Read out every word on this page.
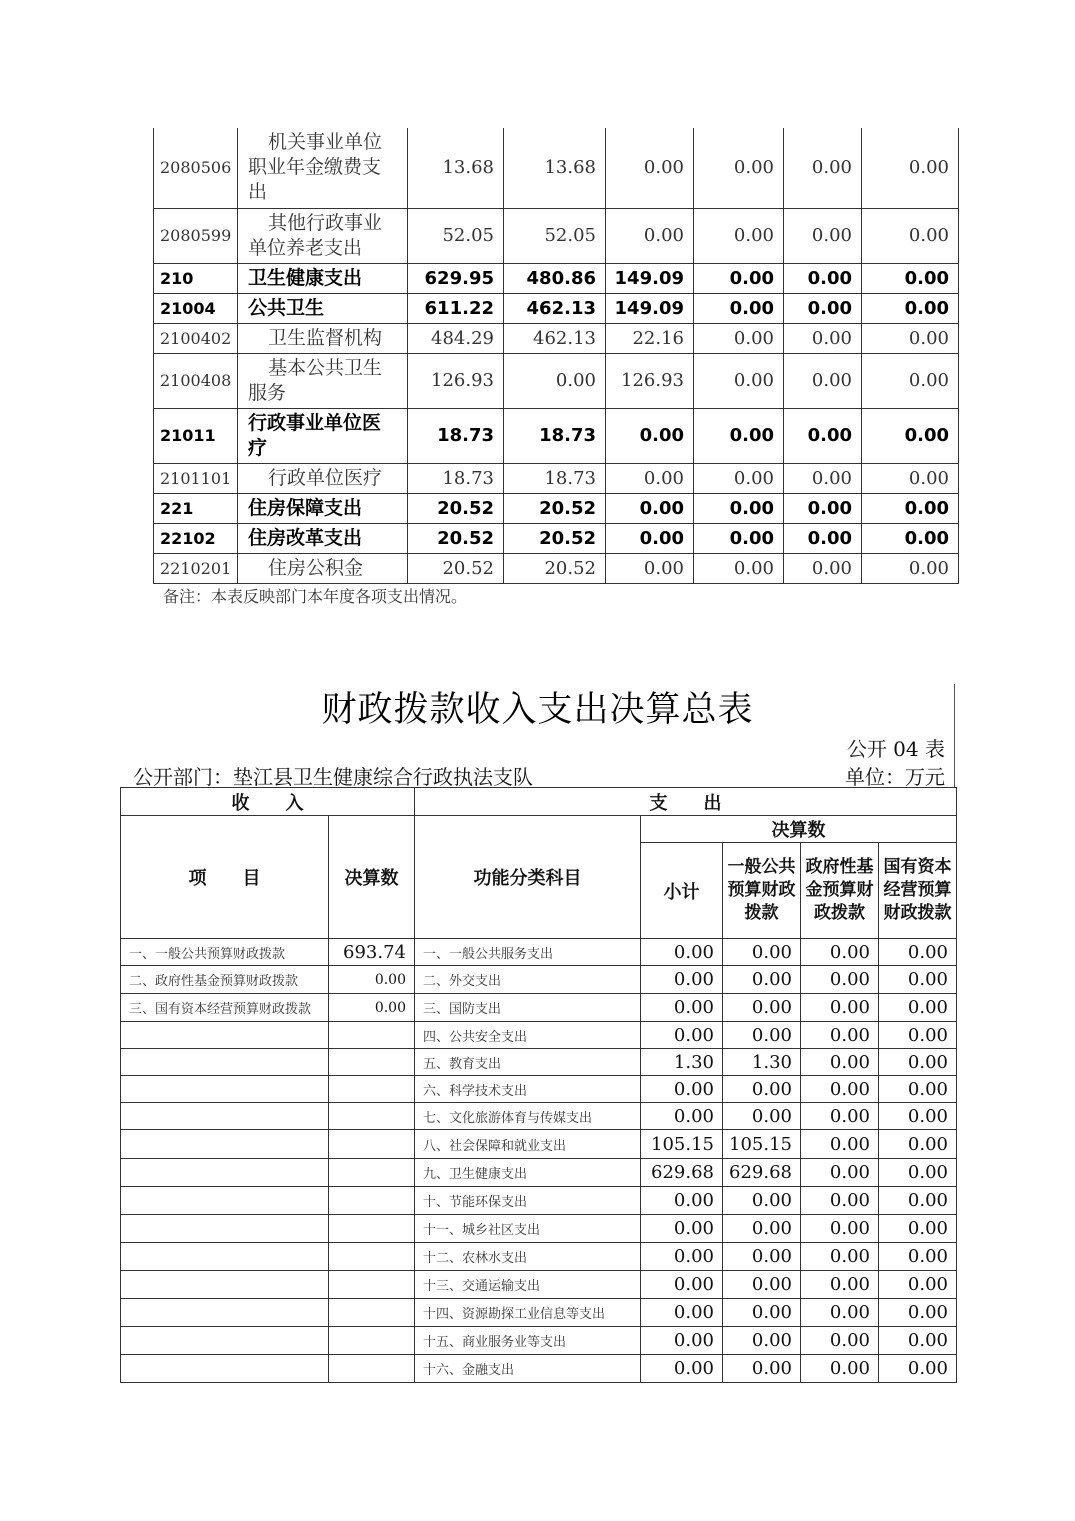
2080506	机关事业单位职业年金缴费支出	13.68	13.68	0.00	0.00	0.00	0.00
2080599	其他行政事业单位养老支出	52.05	52.05	0.00	0.00	0.00	0.00
210	卫生健康支出	629.95	480.86	149.09	0.00	0.00	0.00
21004	公共卫生	611.22	462.13	149.09	0.00	0.00	0.00
2100402	卫生监督机构	484.29	462.13	22.16	0.00	0.00	0.00
2100408	基本公共卫生服务	126.93	0.00	126.93	0.00	0.00	0.00
21011	行政事业单位医疗	18.73	18.73	0.00	0.00	0.00	0.00
2101101	行政单位医疗	18.73	18.73	0.00	0.00	0.00	0.00
221	住房保障支出	20.52	20.52	0.00	0.00	0.00	0.00
22102	住房改革支出	20.52	20.52	0.00	0.00	0.00	0.00
2210201	住房公积金	20.52	20.52	0.00	0.00	0.00	0.00
备注：本表反映部门本年度各项支出情况。
财政拨款收入支出决算总表
公开 04 表
公开部门：垫江县卫生健康综合行政执法支队	单位：万元
收　　入		支　　出				
项　　目	决算数	功能分类科目	决算数			
			小计	一般公共预算财政拨款	政府性基金预算财政拨款	国有资本经营预算财政拨款
一、一般公共预算财政拨款	693.74	一、一般公共服务支出	0.00	0.00	0.00	0.00
二、政府性基金预算财政拨款	0.00	二、外交支出	0.00	0.00	0.00	0.00
三、国有资本经营预算财政拨款	0.00	三、国防支出	0.00	0.00	0.00	0.00
		四、公共安全支出	0.00	0.00	0.00	0.00
		五、教育支出	1.30	1.30	0.00	0.00
		六、科学技术支出	0.00	0.00	0.00	0.00
		七、文化旅游体育与传媒支出	0.00	0.00	0.00	0.00
		八、社会保障和就业支出	105.15	105.15	0.00	0.00
		九、卫生健康支出	629.68	629.68	0.00	0.00
		十、节能环保支出	0.00	0.00	0.00	0.00
		十一、城乡社区支出	0.00	0.00	0.00	0.00
		十二、农林水支出	0.00	0.00	0.00	0.00
		十三、交通运输支出	0.00	0.00	0.00	0.00
		十四、资源勘探工业信息等支出	0.00	0.00	0.00	0.00
		十五、商业服务业等支出	0.00	0.00	0.00	0.00
		十六、金融支出	0.00	0.00	0.00	0.00
